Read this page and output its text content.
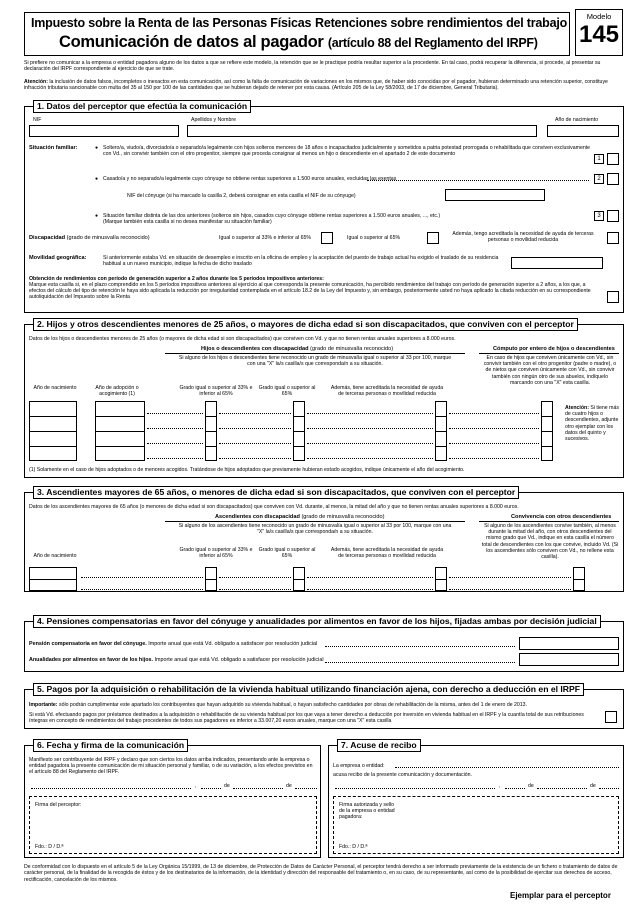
Impuesto sobre la Renta de las Personas Físicas Retenciones sobre rendimientos del trabajo
Comunicación de datos al pagador (artículo 88 del Reglamento del IRPF)
Modelo
145
Si prefiere no comunicar a la empresa o entidad pagadora alguno de los datos a que se refiere este modelo, la retención que se le practique podría resultar superior a la procedente. En tal caso, podrá recuperar la diferencia, si procede, al presentar su declaración del IRPF correspondiente al ejercicio de que se trate.
Atención: la inclusión de datos falsos, incompletos o inexactos en esta comunicación, así como la falta de comunicación de variaciones en los mismos que, de haber sido conocidas por el pagador, hubieran determinado una retención superior, constituye infracción tributaria sancionable con multa del 35 al 150 por 100 de las cantidades que se hubieran dejado de retener por esta causa. (Artículo 205 de la Ley 58/2003, de 17 de diciembre, General Tributaria).
1. Datos del perceptor que efectúa la comunicación
NIF	Apellidos y Nombre	Año de nacimiento
Situación familiar:	● Soltero/a, viudo/a, divorciado/a o separado/a legalmente con hijos solteros menores de 18 años o incapacitados judicialmente y sometidos a patria potestad prorrogada o rehabilitada que conviven exclusivamente con Vd., sin convivir también con el otro progenitor, siempre que proceda consignar al menos un hijo o descendiente en el apartado 2 de este documento
1
● Casado/a y no separado/a legalmente cuyo cónyuge no obtiene rentas superiores a 1.500 euros anuales, excluidas las exentas	2
NIF del cónyuge (si ha marcado la casilla 2, deberá consignar en esta casilla el NIF de su cónyuge)
● Situación familiar distinta de las dos anteriores (solteros sin hijos, casados cuyo cónyuge obtiene rentas superiores a 1.500 euros anuales, ..., etc.)
(Marque también esta casilla si no desea manifestar su situación familiar)
3
Discapacidad (grado de minusvalía reconocido)	Igual o superior al 33% e inferior al 65%	Igual o superior al 65%
Además, tengo acreditada la necesidad de ayuda de terceras personas o movilidad reducida
Movilidad geográfica:	Si anteriormente estaba Vd. en situación de desempleo e inscrito en la oficina de empleo y la aceptación del puesto de trabajo actual ha exigido el traslado de su residencia habitual a un nuevo municipio, indique la fecha de dicho traslado
Obtención de rendimientos con período de generación superior a 2 años durante los 5 períodos impositivos anteriores:
Marque esta casilla si, en el plazo comprendido en los 5 períodos impositivos anteriores al ejercicio al que corresponda la presente comunicación, ha percibido rendimientos del trabajo con período de generación superior a 2 años, a los que, a efectos del cálculo del tipo de retención le haya sido aplicada la reducción por irregularidad contemplada en el artículo 18.2 de la Ley del Impuesto y, sin embargo, posteriormente usted no haya aplicado la citada reducción en su correspondiente autoliquidación del Impuesto sobre la Renta
2. Hijos y otros descendientes menores de 25 años, o mayores de dicha edad si son discapacitados, que conviven con el perceptor
Datos de los hijos o descendientes menores de 25 años (o mayores de dicha edad si son discapacitados) que conviven con Vd. y que no tienen rentas anuales superiores a 8.000 euros.
Hijos o descendientes con discapacidad (grado de minusvalía reconocido)	Cómputo por entero de hijos o descendientes
Si alguno de los hijos o descendientes tiene reconocido un grado de minusvalía igual o superior al 33 por 100, marque con una "X" la/s casilla/s que corresponda/n a su situación.
En caso de hijos que conviven únicamente con Vd., sin convivir también con el otro progenitor (padre o madre), o de nietos que conviven únicamente con Vd., sin convivir también con ningún otro de sus abuelos, indíquelo marcando con una "X" esta casilla.
Año de nacimiento	Año de adopción o acogimiento (1)
Grado igual o superior al 33% e inferior al 65%
Grado igual o superior al 65%
Además, tiene acreditada la necesidad de ayuda de terceras personas o movilidad reducida
Atención: Si tiene más de cuatro hijos o descendientes, adjunte otro ejemplar con los datos del quinto y sucesivos.
(1) Solamente en el caso de hijos adoptados o de menores acogidos. Tratándose de hijos adoptados que previamente hubieran estado acogidos, indique únicamente el año del acogimiento.
3. Ascendientes mayores de 65 años, o menores de dicha edad si son discapacitados, que conviven con el perceptor
Datos de los ascendientes mayores de 65 años (o menores de dicha edad si son discapacitados) que conviven con Vd. durante, al menos, la mitad del año y que no tienen rentas anuales superiores a 8.000 euros.
Ascendientes con discapacidad (grado de minusvalía reconocido)	Convivencia con otros descendientes
Si alguno de los ascendientes tiene reconocido un grado de minusvalía igual o superior al 33 por 100, marque con una "X" la/s casilla/s que corresponda/n a su situación.
Si alguno de los ascendientes convive también, al menos durante la mitad del año, con otros descendientes del mismo grado que Vd., indique en esta casilla el número total de descendientes con los que convive, incluido Vd. (Si los ascendientes sólo conviven con Vd., no rellene esta casilla).
Año de nacimiento
Grado igual o superior al 33% e inferior al 65%
Grado igual o superior al 65%
Además, tiene acreditada la necesidad de ayuda de terceras personas o movilidad reducida
4. Pensiones compensatorias en favor del cónyuge y anualidades por alimentos en favor de los hijos, fijadas ambas por decisión judicial
Pensión compensatoria en favor del cónyuge. Importe anual que está Vd. obligado a satisfacer por resolución judicial
Anualidades por alimentos en favor de los hijos. Importe anual que está Vd. obligado a satisfacer por resolución judicial
5. Pagos por la adquisición o rehabilitación de la vivienda habitual utilizando financiación ajena, con derecho a deducción en el IRPF
Importante: sólo podrán cumplimentar este apartado los contribuyentes que hayan adquirido su vivienda habitual, o hayan satisfecho cantidades por obras de rehabilitación de la misma, antes del 1 de enero de 2013.
Si está Vd. efectuando pagos por préstamos destinados a la adquisición o rehabilitación de su vivienda habitual por los que vaya a tener derecho a deducción por inversión en vivienda habitual en el IRPF y la cuantía total de sus retribuciones íntegras en concepto de rendimientos del trabajo procedentes de todos sus pagadores es inferior a 33.007,20 euros anuales, marque con una "X" esta casilla
6. Fecha y firma de la comunicación
Manifiesto ser contribuyente del IRPF y declaro que son ciertos los datos arriba indicados, presentando ante la empresa o entidad pagadora la presente comunicación de mi situación personal y familiar, o de su variación, a los efectos previstos en el artículo 88 del Reglamento del IRPF.
,	de	de
Firma del perceptor:
Fdo.: D / D.ª
7. Acuse de recibo
La empresa o entidad:
acusa recibo de la presente comunicación y documentación.
,	de	de
Firma autorizada y sello de la empresa o entidad pagadora:
Fdo.: D / D.ª
De conformidad con lo dispuesto en el artículo 5 de la Ley Orgánica 15/1999, de 13 de diciembre, de Protección de Datos de Carácter Personal, el perceptor tendrá derecho a ser informado previamente de la existencia de un fichero o tratamiento de datos de carácter personal, de la finalidad de la recogida de éstos y de los destinatarios de la información, de la identidad y dirección del responsable del tratamiento o, en su caso, de su representante, así como de la posibilidad de ejercitar sus derechos de acceso, rectificación, cancelación de los mismos.
Ejemplar para el perceptor
